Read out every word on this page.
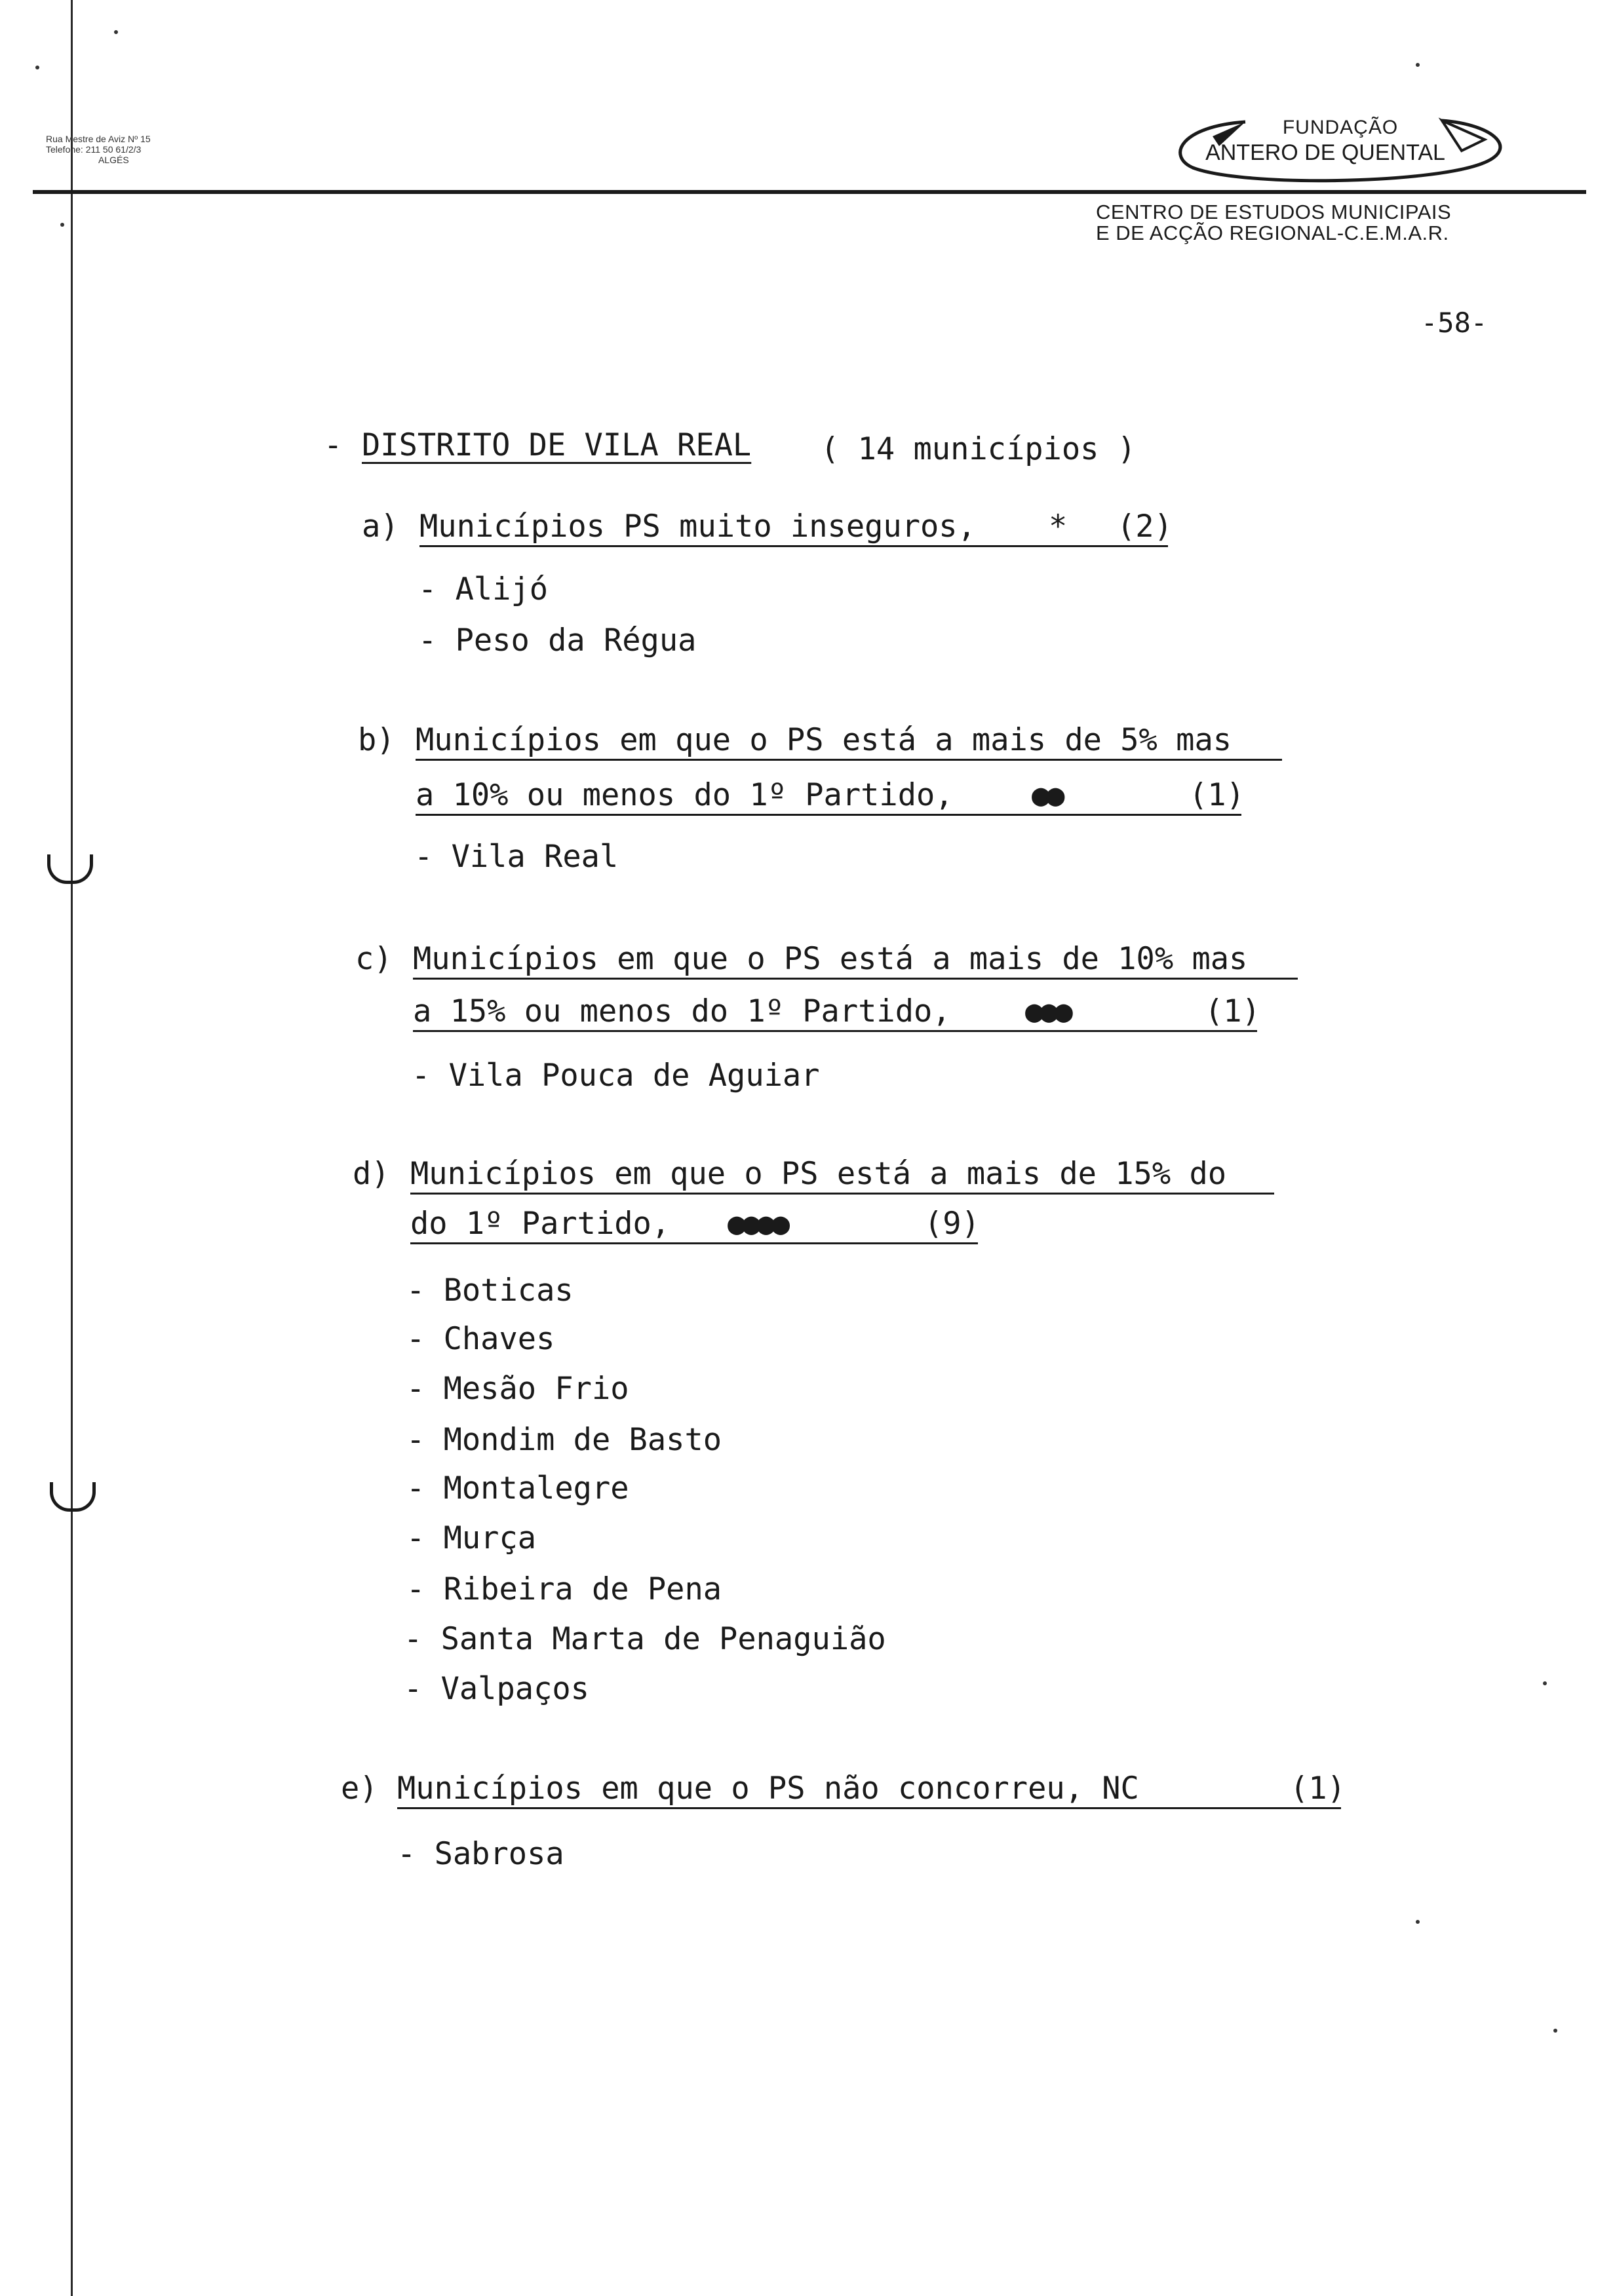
Rua Mestre de Aviz Nº 15
Telefone: 211 50 61/2/3
ALGÉS
FUNDAÇÃO
ANTERO DE QUENTAL
CENTRO DE ESTUDOS MUNICIPAIS
E DE ACÇÃO REGIONAL-C.E.M.A.R.
-58-
- DISTRITO DE VILA REAL ( 14 municípios )
a) Municípios PS muito inseguros, * (2)
- Alijó
- Peso da Régua
b) Municípios em que o PS está a mais de 5% mas
a 10% ou menos do 1º Partido,	●●	(1)
- Vila Real
c) Municípios em que o PS está a mais de 10% mas
a 15% ou menos do 1º Partido, ●●●	(1)
- Vila Pouca de Aguiar
d) Municípios em que o PS está a mais de 15% do
do 1º Partido, ●●●●	(9)
- Boticas
- Chaves
- Mesão Frio
- Mondim de Basto
- Montalegre
- Murça
- Ribeira de Pena
- Santa Marta de Penaguião
- Valpaços
e) Municípios em que o PS não concorreu, NC	(1)
- Sabrosa
